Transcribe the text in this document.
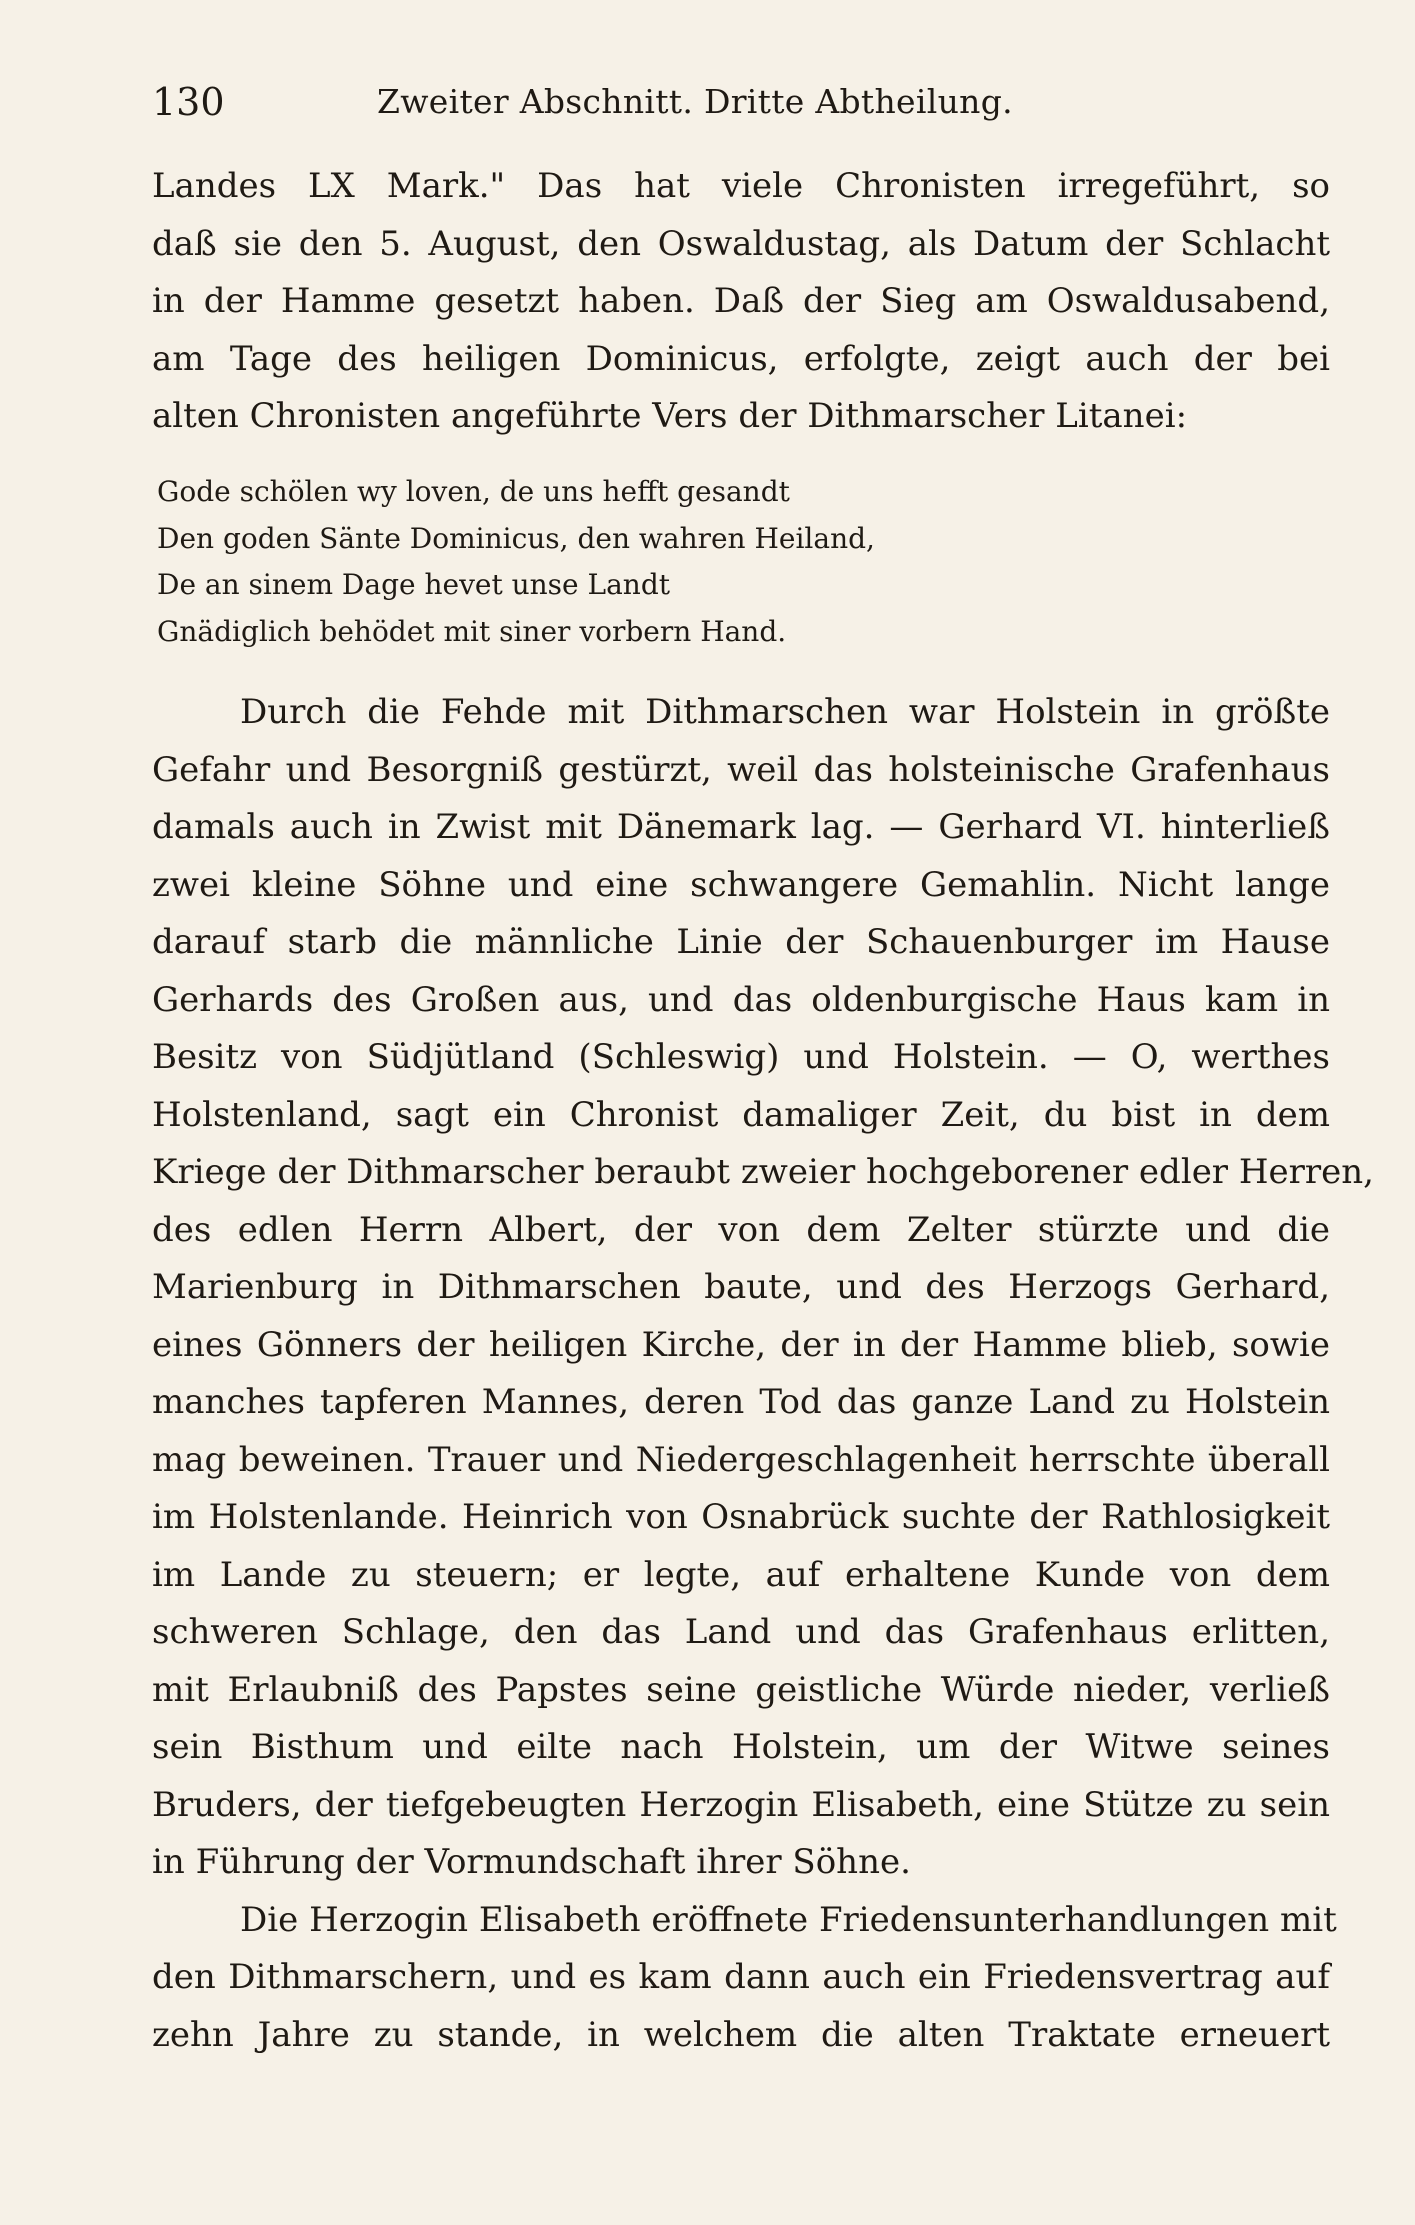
130	Zweiter Abschnitt. Dritte Abtheilung.
Landes LX Mark." Das hat viele Chronisten irregeführt, so
daß sie den 5. August, den Oswaldustag, als Datum der Schlacht
in der Hamme gesetzt haben. Daß der Sieg am Oswaldusabend,
am Tage des heiligen Dominicus, erfolgte, zeigt auch der bei
alten Chronisten angeführte Vers der Dithmarscher Litanei:
Gode schölen wy loven, de uns hefft gesandt
Den goden Sänte Dominicus, den wahren Heiland,
De an sinem Dage hevet unse Landt
Gnädiglich behödet mit siner vorbern Hand.
Durch die Fehde mit Dithmarschen war Holstein in größte
Gefahr und Besorgniß gestürzt, weil das holsteinische Grafenhaus
damals auch in Zwist mit Dänemark lag. — Gerhard VI. hinterließ
zwei kleine Söhne und eine schwangere Gemahlin. Nicht lange
darauf starb die männliche Linie der Schauenburger im Hause
Gerhards des Großen aus, und das oldenburgische Haus kam in
Besitz von Südjütland (Schleswig) und Holstein. — O, werthes
Holstenland, sagt ein Chronist damaliger Zeit, du bist in dem
Kriege der Dithmarscher beraubt zweier hochgeborener edler Herren,
des edlen Herrn Albert, der von dem Zelter stürzte und die
Marienburg in Dithmarschen baute, und des Herzogs Gerhard,
eines Gönners der heiligen Kirche, der in der Hamme blieb, sowie
manches tapferen Mannes, deren Tod das ganze Land zu Holstein
mag beweinen. Trauer und Niedergeschlagenheit herrschte überall
im Holstenlande. Heinrich von Osnabrück suchte der Rathlosigkeit
im Lande zu steuern; er legte, auf erhaltene Kunde von dem
schweren Schlage, den das Land und das Grafenhaus erlitten,
mit Erlaubniß des Papstes seine geistliche Würde nieder, verließ
sein Bisthum und eilte nach Holstein, um der Witwe seines
Bruders, der tiefgebeugten Herzogin Elisabeth, eine Stütze zu sein
in Führung der Vormundschaft ihrer Söhne.
Die Herzogin Elisabeth eröffnete Friedensunterhandlungen mit
den Dithmarschern, und es kam dann auch ein Friedensvertrag auf
zehn Jahre zu stande, in welchem die alten Traktate erneuert
